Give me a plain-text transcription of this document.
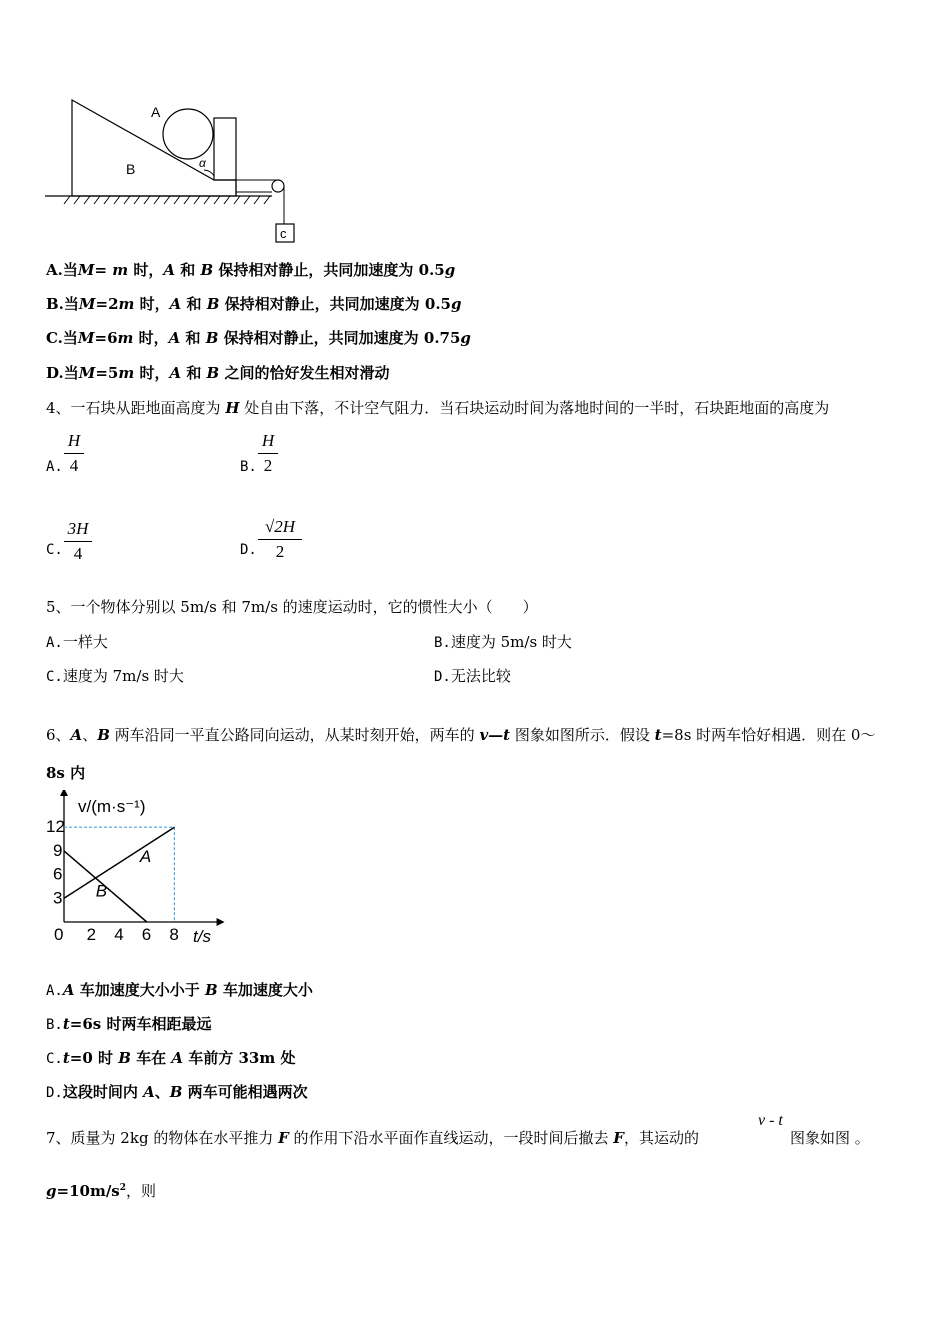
A
B	α
c
A.当M= m 时，A 和 B 保持相对静止，共同加速度为 0.5g
B.当M=2m 时，A 和 B 保持相对静止，共同加速度为 0.5g
C.当M=6m 时，A 和 B 保持相对静止，共同加速度为 0.75g
D.当M=5m 时，A 和 B 之间的恰好发生相对滑动
4、一石块从距地面高度为 H 处自由下落，不计空气阻力．当石块运动时间为落地时间的一半时，石块距地面的高度为
A.
H
4	B.
H
2
C.
3H
4	D.
√2H
2
5、一个物体分别以 5m/s 和 7m/s 的速度运动时，它的惯性大小（　　）
A.一样大	B.速度为 5m/s 时大
C.速度为 7m/s 时大	D.无法比较
6、A、B 两车沿同一平直公路同向运动，从某时刻开始，两车的 v—t 图象如图所示．假设 t=8s 时两车恰好相遇．则在 0～
8s 内
A
B
0 2 4 6 8
3
6
9
12
v/(m·s⁻¹)
t/s
A.A 车加速度大小小于 B 车加速度大小
B.t=6s 时两车相距最远
C.t=0 时 B 车在 A 车前方 33m 处
D.这段时间内 A、B 两车可能相遇两次
7、质量为 2kg 的物体在水平推力 F 的作用下沿水平面作直线运动，一段时间后撤去 F，其运动的
v - t
图象如图 。
$g=10m/s^2$，则
